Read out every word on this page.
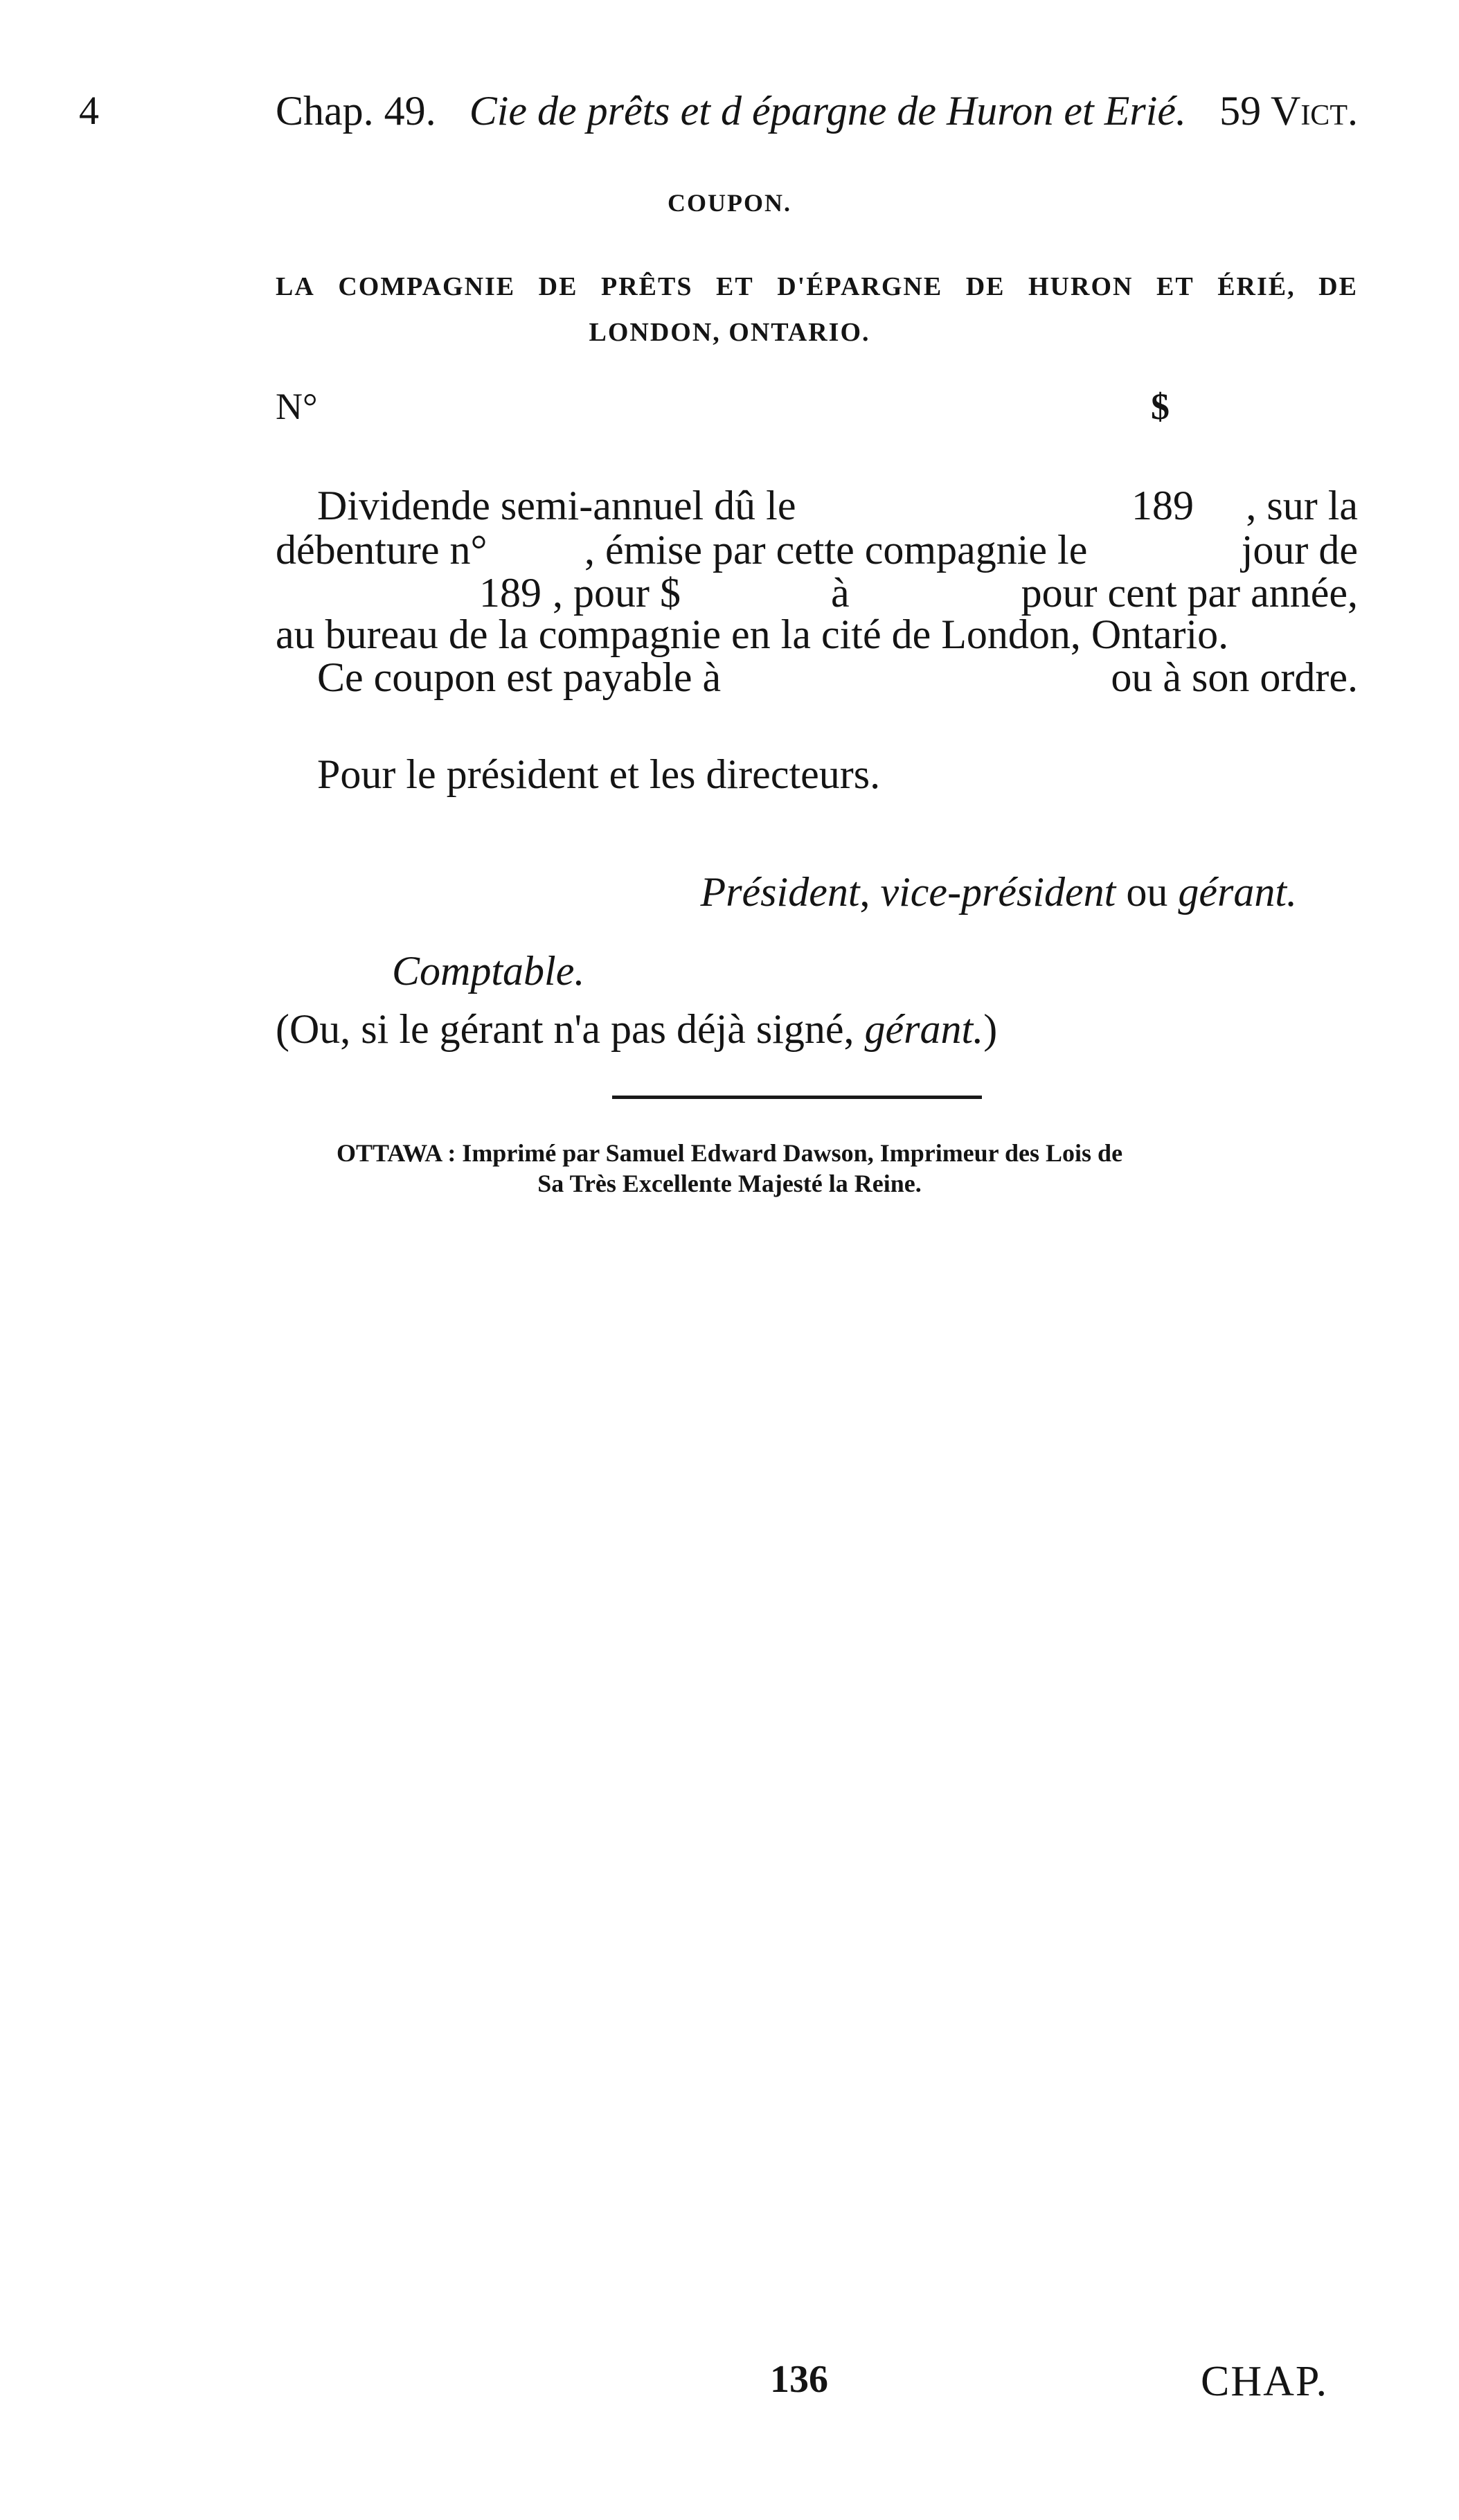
4	Chap. 49. Cie de prêts et d épargne de Huron et Erié. 59 Vict.
COUPON.
LA COMPAGNIE DE PRÊTS ET D'ÉPARGNE DE HURON ET ÉRIÉ, DE
LONDON, ONTARIO.
N°	$
Dividende semi-annuel dû le	189 , sur la
débenture n° , émise par cette compagnie le	jour de
189 , pour $	à	pour cent par année,
au bureau de la compagnie en la cité de London, Ontario.
Ce coupon est payable à	ou à son ordre.
Pour le président et les directeurs.
Président, vice-président ou gérant.
Comptable.
(Ou, si le gérant n'a pas déjà signé, gérant.)
OTTAWA : Imprimé par Samuel Edward Dawson, Imprimeur des Lois de
Sa Très Excellente Majesté la Reine.
136	CHAP.
